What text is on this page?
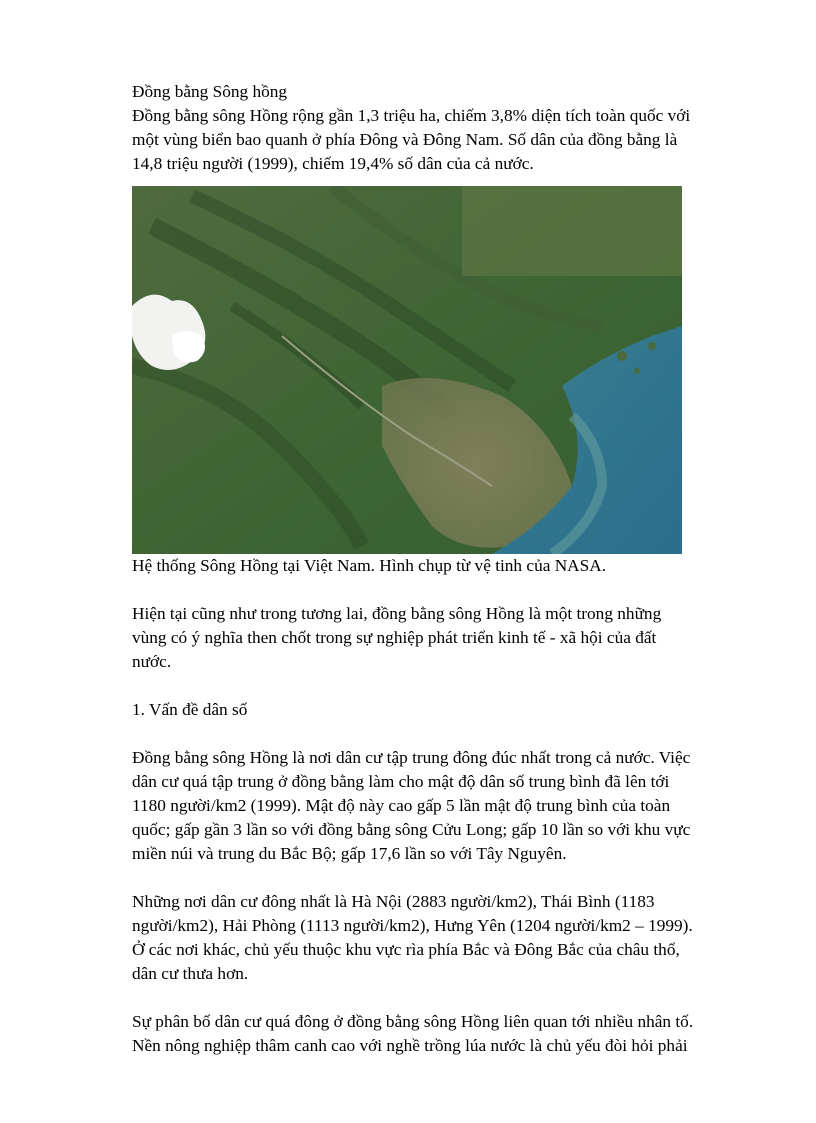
Đồng bằng Sông hồng

Đồng bằng sông Hồng rộng gần 1,3 triệu ha, chiếm 3,8% diện tích toàn quốc với

một vùng biển bao quanh ở phía Đông và Đông Nam. Số dân của đồng bằng là

14,8 triệu người (1999), chiếm 19,4% số dân của cả nước.

Hệ thống Sông Hồng tại Việt Nam. Hình chụp từ vệ tinh của NASA.

Hiện tại cũng như trong tương lai, đồng bằng sông Hồng là một trong những

vùng có ý nghĩa then chốt trong sự nghiệp phát triển kinh tế - xã hội của đất

nước.

1. Vấn đề dân số

Đồng bằng sông Hồng là nơi dân cư tập trung đông đúc nhất trong cả nước. Việc

dân cư quá tập trung ở đồng bằng làm cho mật độ dân số trung bình đã lên tới

1180 người/km2 (1999). Mật độ này cao gấp 5 lần mật độ trung bình của toàn

quốc; gấp gần 3 lần so với đồng bằng sông Cửu Long; gấp 10 lần so với khu vực

miền núi và trung du Bắc Bộ; gấp 17,6 lần so với Tây Nguyên.

Những nơi dân cư đông nhất là Hà Nội (2883 người/km2), Thái Bình (1183

người/km2), Hải Phòng (1113 người/km2), Hưng Yên (1204 người/km2 – 1999).

Ở các nơi khác, chủ yếu thuộc khu vực rìa phía Bắc và Đông Bắc của châu thổ,

dân cư thưa hơn.

Sự phân bố dân cư quá đông ở đồng bằng sông Hồng liên quan tới nhiều nhân tố.

Nền nông nghiệp thâm canh cao với nghề trồng lúa nước là chủ yếu đòi hỏi phải
